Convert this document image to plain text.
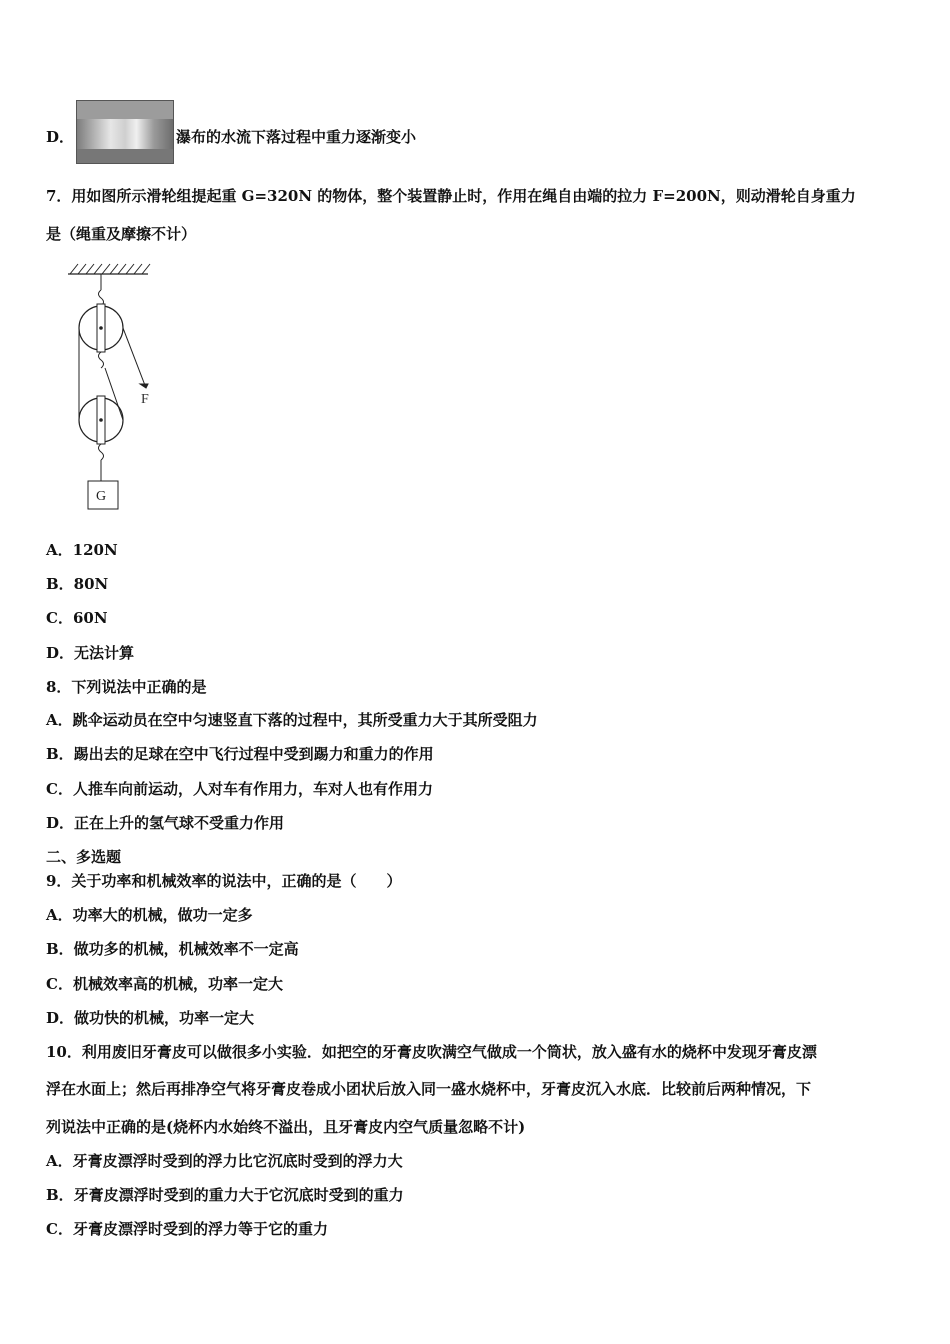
D．	瀑布的水流下落过程中重力逐渐变小
7．用如图所示滑轮组提起重 G=320N 的物体，整个装置静止时，作用在绳自由端的拉力 F=200N，则动滑轮自身重力
是（绳重及摩擦不计）
F
G
A．120N
B．80N
C．60N
D．无法计算
8．下列说法中正确的是
A．跳伞运动员在空中匀速竖直下落的过程中，其所受重力大于其所受阻力
B．踢出去的足球在空中飞行过程中受到踢力和重力的作用
C．人推车向前运动，人对车有作用力，车对人也有作用力
D．正在上升的氢气球不受重力作用
二、多选题
9．关于功率和机械效率的说法中，正确的是（　　）
A．功率大的机械，做功一定多
B．做功多的机械，机械效率不一定高
C．机械效率高的机械，功率一定大
D．做功快的机械，功率一定大
10．利用废旧牙膏皮可以做很多小实验．如把空的牙膏皮吹满空气做成一个筒状，放入盛有水的烧杯中发现牙膏皮漂
浮在水面上；然后再排净空气将牙膏皮卷成小团状后放入同一盛水烧杯中，牙膏皮沉入水底．比较前后两种情况，下
列说法中正确的是(烧杯内水始终不溢出，且牙膏皮内空气质量忽略不计)
A．牙膏皮漂浮时受到的浮力比它沉底时受到的浮力大
B．牙膏皮漂浮时受到的重力大于它沉底时受到的重力
C．牙膏皮漂浮时受到的浮力等于它的重力
